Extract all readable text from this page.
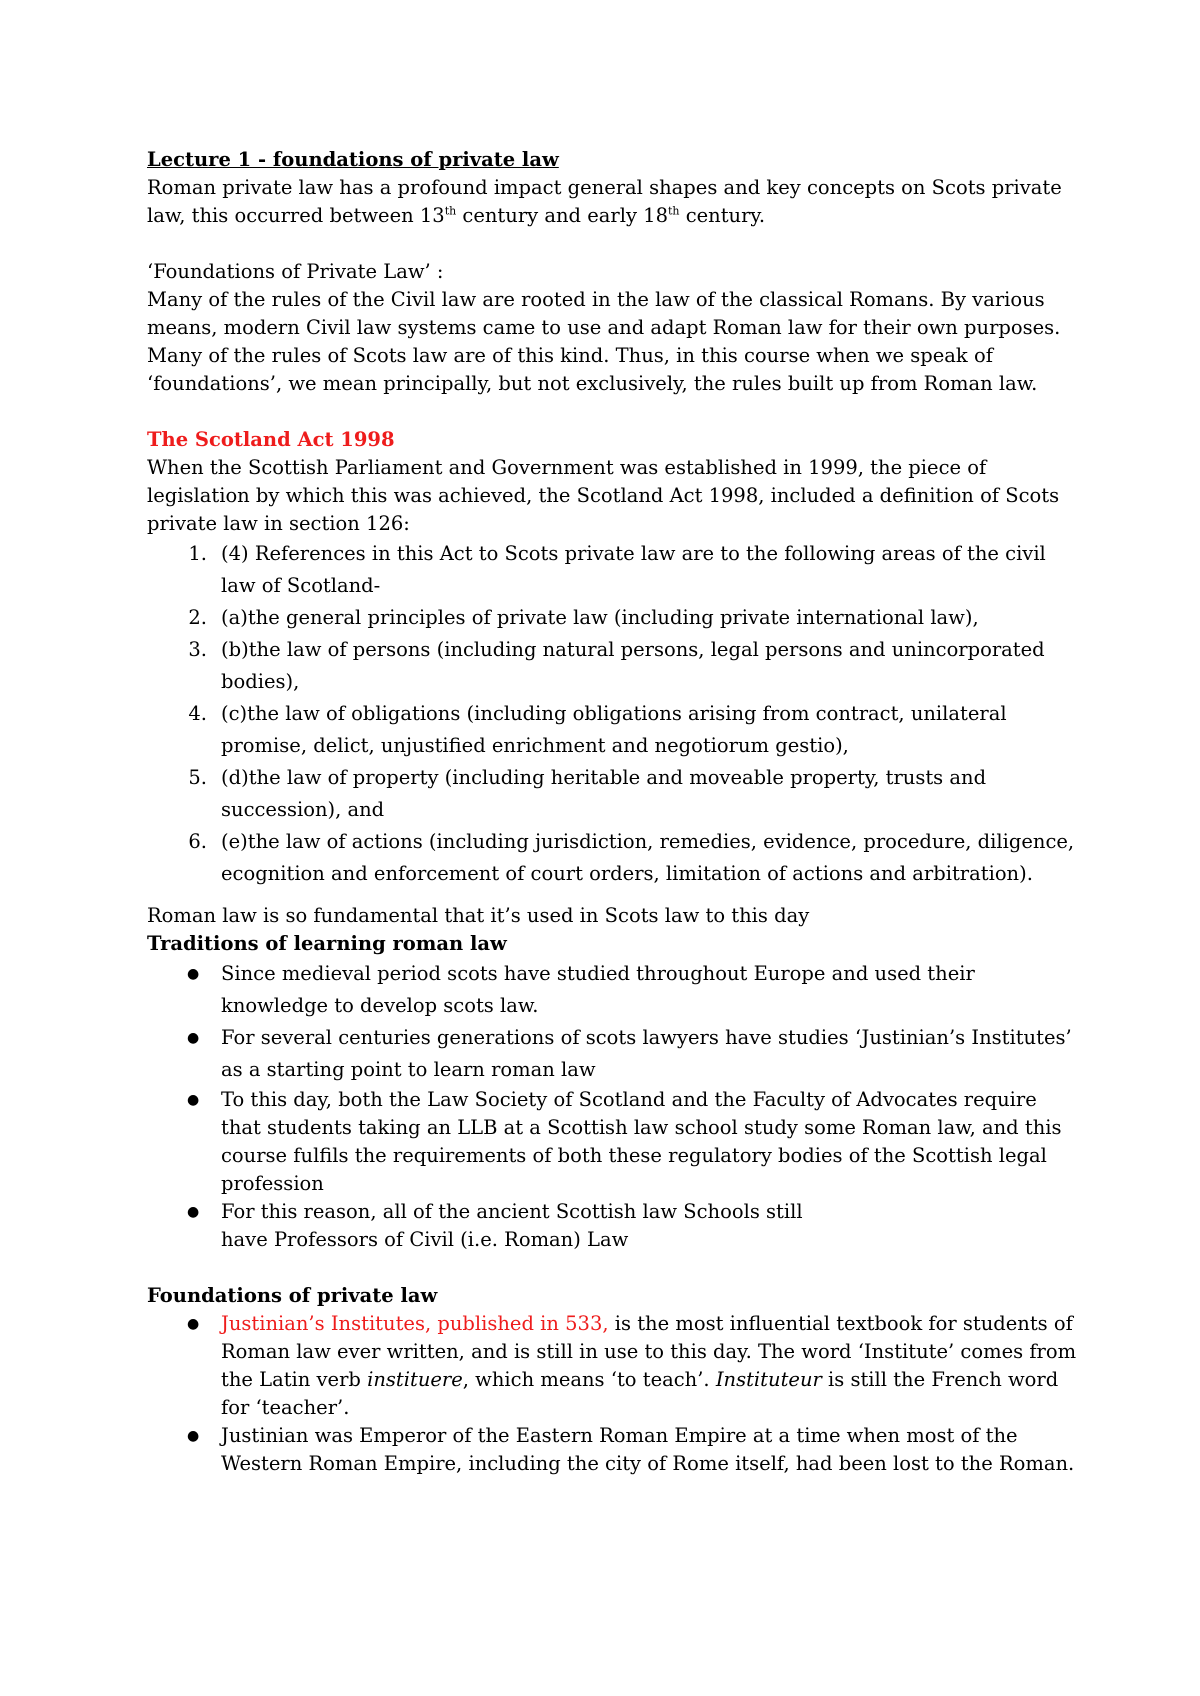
Lecture 1 - foundations of private law

Roman private law has a profound impact general shapes and key concepts on Scots private law, this occurred between 13th century and early 18th century.

‘Foundations of Private Law’ :

Many of the rules of the Civil law are rooted in the law of the classical Romans. By various means, modern Civil law systems came to use and adapt Roman law for their own purposes. Many of the rules of Scots law are of this kind. Thus, in this course when we speak of ‘foundations’, we mean principally, but not exclusively, the rules built up from Roman law.

The Scotland Act 1998

When the Scottish Parliament and Government was established in 1999, the piece of legislation by which this was achieved, the Scotland Act 1998, included a definition of Scots private law in section 126:

1. (4) References in this Act to Scots private law are to the following areas of the civil law of Scotland-
2. (a)the general principles of private law (including private international law),
3. (b)the law of persons (including natural persons, legal persons and unincorporated bodies),
4. (c)the law of obligations (including obligations arising from contract, unilateral promise, delict, unjustified enrichment and negotiorum gestio),
5. (d)the law of property (including heritable and moveable property, trusts and succession), and
6. (e)the law of actions (including jurisdiction, remedies, evidence, procedure, diligence, ecognition and enforcement of court orders, limitation of actions and arbitration).

Roman law is so fundamental that it’s used in Scots law to this day

Traditions of learning roman law

● Since medieval period scots have studied throughout Europe and used their knowledge to develop scots law.
● For several centuries generations of scots lawyers have studies ‘Justinian’s Institutes’ as a starting point to learn roman law
● To this day, both the Law Society of Scotland and the Faculty of Advocates require that students taking an LLB at a Scottish law school study some Roman law, and this course fulfils the requirements of both these regulatory bodies of the Scottish legal profession
● For this reason, all of the ancient Scottish law Schools still
have Professors of Civil (i.e. Roman) Law

Foundations of private law

● Justinian’s Institutes, published in 533, is the most influential textbook for students of Roman law ever written, and is still in use to this day. The word ‘Institute’ comes from the Latin verb instituere, which means ‘to teach’. Instituteur is still the French word for ‘teacher’.
● Justinian was Emperor of the Eastern Roman Empire at a time when most of the Western Roman Empire, including the city of Rome itself, had been lost to the Roman.
